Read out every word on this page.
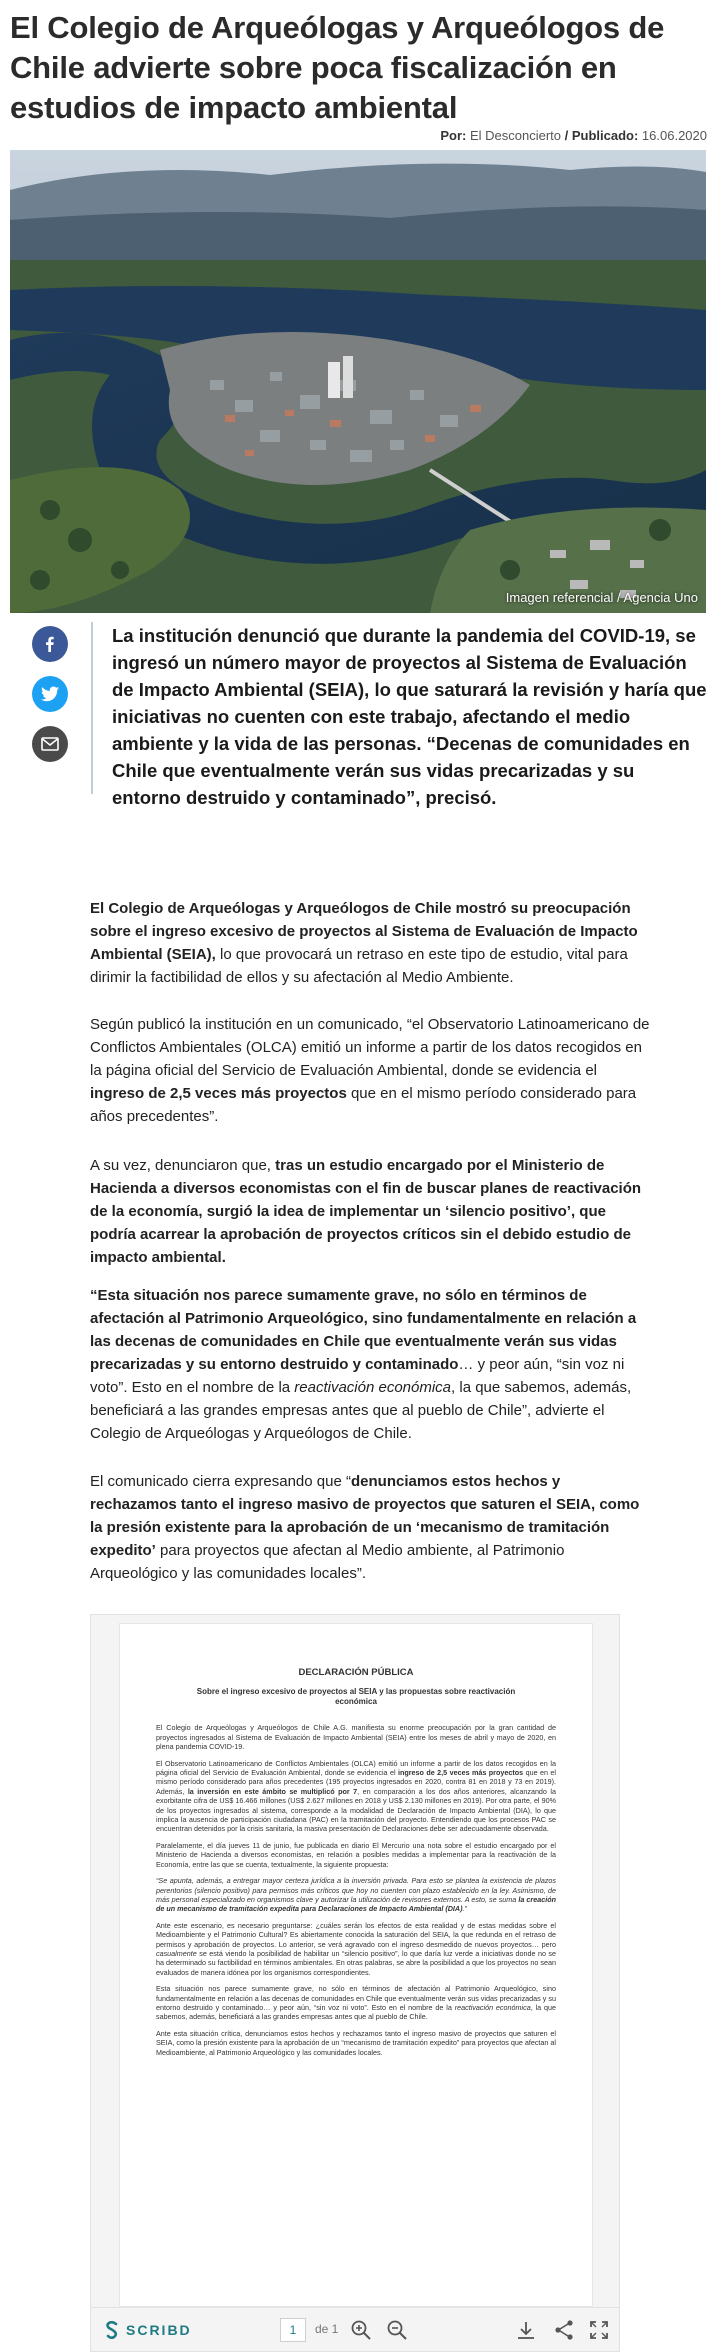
El Colegio de Arqueólogas y Arqueólogos de Chile advierte sobre poca fiscalización en estudios de impacto ambiental
Por: El Desconcierto / Publicado: 16.06.2020
Imagen referencial / Agencia Uno

La institución denunció que durante la pandemia del COVID-19, se ingresó un número mayor de proyectos al Sistema de Evaluación de Impacto Ambiental (SEIA), lo que saturará la revisión y haría que iniciativas no cuenten con este trabajo, afectando el medio ambiente y la vida de las personas. “Decenas de comunidades en Chile que eventualmente verán sus vidas precarizadas y su entorno destruido y contaminado”, precisó.

El Colegio de Arqueólogas y Arqueólogos de Chile mostró su preocupación sobre el ingreso excesivo de proyectos al Sistema de Evaluación de Impacto Ambiental (SEIA), lo que provocará un retraso en este tipo de estudio, vital para dirimir la factibilidad de ellos y su afectación al Medio Ambiente.

Según publicó la institución en un comunicado, “el Observatorio Latinoamericano de Conflictos Ambientales (OLCA) emitió un informe a partir de los datos recogidos en la página oficial del Servicio de Evaluación Ambiental, donde se evidencia el ingreso de 2,5 veces más proyectos que en el mismo período considerado para años precedentes”.

A su vez, denunciaron que, tras un estudio encargado por el Ministerio de Hacienda a diversos economistas con el fin de buscar planes de reactivación de la economía, surgió la idea de implementar un ‘silencio positivo’, que podría acarrear la aprobación de proyectos críticos sin el debido estudio de impacto ambiental.

“Esta situación nos parece sumamente grave, no sólo en términos de afectación al Patrimonio Arqueológico, sino fundamentalmente en relación a las decenas de comunidades en Chile que eventualmente verán sus vidas precarizadas y su entorno destruido y contaminado… y peor aún, “sin voz ni voto”. Esto en el nombre de la reactivación económica, la que sabemos, además, beneficiará a las grandes empresas antes que al pueblo de Chile”, advierte el Colegio de Arqueólogas y Arqueólogos de Chile.

El comunicado cierra expresando que “denunciamos estos hechos y rechazamos tanto el ingreso masivo de proyectos que saturen el SEIA, como la presión existente para la aprobación de un ‘mecanismo de tramitación expedito’ para proyectos que afectan al Medio ambiente, al Patrimonio Arqueológico y las comunidades locales”.

DECLARACIÓN PÚBLICA
Sobre el ingreso excesivo de proyectos al SEIA y las propuestas sobre reactivación económica

El Colegio de Arqueólogas y Arqueólogos de Chile A.G. manifiesta su enorme preocupación por la gran cantidad de proyectos ingresados al Sistema de Evaluación de Impacto Ambiental (SEIA) entre los meses de abril y mayo de 2020, en plena pandemia COVID-19.

El Observatorio Latinoamericano de Conflictos Ambientales (OLCA) emitió un informe a partir de los datos recogidos en la página oficial del Servicio de Evaluación Ambiental, donde se evidencia el ingreso de 2,5 veces más proyectos que en el mismo período considerado para años precedentes (195 proyectos ingresados en 2020, contra 81 en 2018 y 73 en 2019). Además, la inversión en este ámbito se multiplicó por 7, en comparación a los dos años anteriores, alcanzando la exorbitante cifra de US$ 16.466 millones (US$ 2.627 millones en 2018 y US$ 2.130 millones en 2019). Por otra parte, el 90% de los proyectos ingresados al sistema, corresponde a la modalidad de Declaración de Impacto Ambiental (DIA), lo que implica la ausencia de participación ciudadana (PAC) en la tramitación del proyecto. Entendiendo que los procesos PAC se encuentran detenidos por la crisis sanitaria, la masiva presentación de Declaraciones debe ser adecuadamente observada.

Paralelamente, el día jueves 11 de junio, fue publicada en diario El Mercurio una nota sobre el estudio encargado por el Ministerio de Hacienda a diversos economistas, en relación a posibles medidas a implementar para la reactivación de la Economía, entre las que se cuenta, textualmente, la siguiente propuesta:

“Se apunta, además, a entregar mayor certeza jurídica a la inversión privada. Para esto se plantea la existencia de plazos perentorios (silencio positivo) para permisos más críticos que hoy no cuenten con plazo establecido en la ley. Asimismo, de más personal especializado en organismos clave y autorizar la utilización de revisores externos. A esto, se suma la creación de un mecanismo de tramitación expedita para Declaraciones de Impacto Ambiental (DIA).”

Ante este escenario, es necesario preguntarse: ¿cuáles serán los efectos de esta realidad y de estas medidas sobre el Medioambiente y el Patrimonio Cultural? Es abiertamente conocida la saturación del SEIA, la que redunda en el retraso de permisos y aprobación de proyectos. Lo anterior, se verá agravado con el ingreso desmedido de nuevos proyectos… pero casualmente se está viendo la posibilidad de habilitar un “silencio positivo”, lo que daría luz verde a iniciativas donde no se ha determinado su factibilidad en términos ambientales. En otras palabras, se abre la posibilidad a que los proyectos no sean evaluados de manera idónea por los organismos correspondientes.

Esta situación nos parece sumamente grave, no sólo en términos de afectación al Patrimonio Arqueológico, sino fundamentalmente en relación a las decenas de comunidades en Chile que eventualmente verán sus vidas precarizadas y su entorno destruido y contaminado… y peor aún, “sin voz ni voto”. Esto en el nombre de la reactivación económica, la que sabemos, además, beneficiará a las grandes empresas antes que al pueblo de Chile.

Ante esta situación crítica, denunciamos estos hechos y rechazamos tanto el ingreso masivo de proyectos que saturen el SEIA, como la presión existente para la aprobación de un “mecanismo de tramitación expedito” para proyectos que afectan al Medioambiente, al Patrimonio Arqueológico y las comunidades locales.

SCRIBD	1	de 1
